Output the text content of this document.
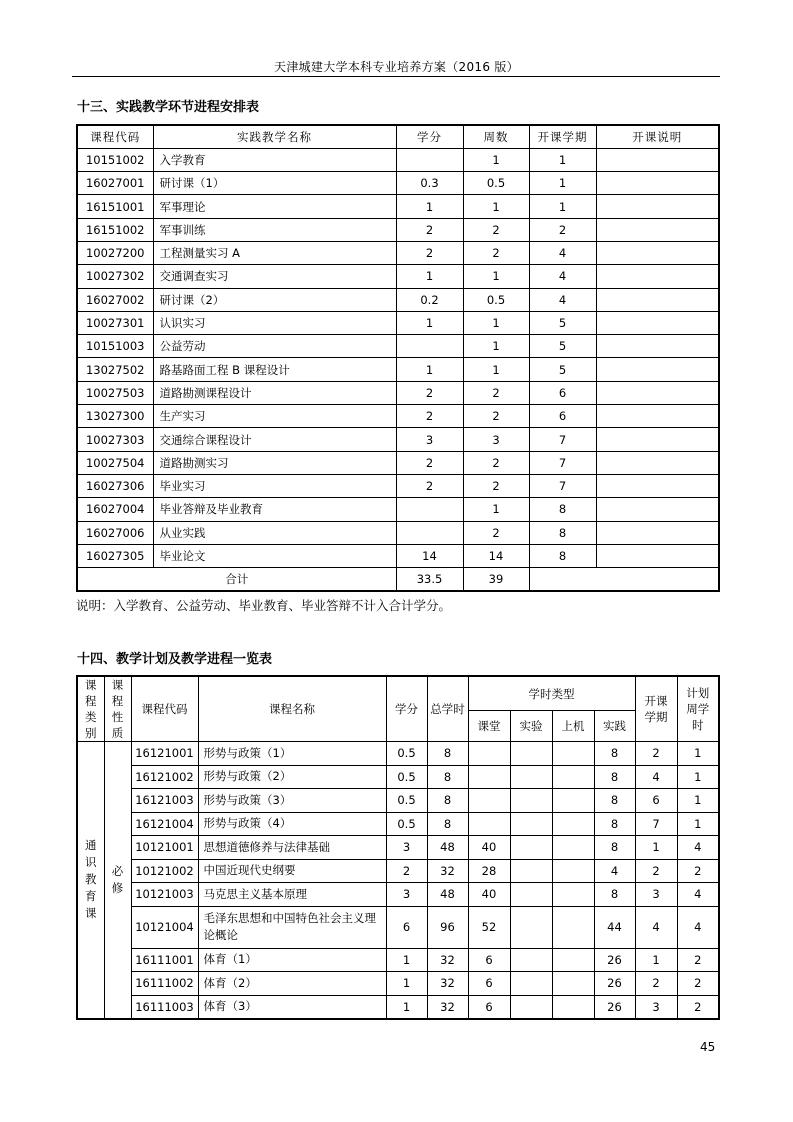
天津城建大学本科专业培养方案（2016 版）
十三、实践教学环节进程安排表
课程代码	实践教学名称	学分	周数	开课学期	开课说明
10151002	入学教育		1	1	
16027001	研讨课（1）	0.3	0.5	1	
16151001	军事理论	1	1	1	
16151002	军事训练	2	2	2	
10027200	工程测量实习 A	2	2	4	
10027302	交通调查实习	1	1	4	
16027002	研讨课（2）	0.2	0.5	4	
10027301	认识实习	1	1	5	
10151003	公益劳动		1	5	
13027502	路基路面工程 B 课程设计	1	1	5	
10027503	道路勘测课程设计	2	2	6	
13027300	生产实习	2	2	6	
10027303	交通综合课程设计	3	3	7	
10027504	道路勘测实习	2	2	7	
16027306	毕业实习	2	2	7	
16027004	毕业答辩及毕业教育		1	8	
16027006	从业实践		2	8	
16027305	毕业论文	14	14	8	
合计		33.5	39		
说明：入学教育、公益劳动、毕业教育、毕业答辩不计入合计学分。
十四、教学计划及教学进程一览表
课程类别	课程性质	课程代码	课程名称	学分	总学时	学时类型				开课学期	计划周学时
						课堂	实验	上机	实践		
通识教育课	必修	16121001	形势与政策（1）	0.5	8				8	2	1
		16121002	形势与政策（2）	0.5	8				8	4	1
		16121003	形势与政策（3）	0.5	8				8	6	1
		16121004	形势与政策（4）	0.5	8				8	7	1
		10121001	思想道德修养与法律基础	3	48	40			8	1	4
		10121002	中国近现代史纲要	2	32	28			4	2	2
		10121003	马克思主义基本原理	3	48	40			8	3	4
		10121004	毛泽东思想和中国特色社会主义理论概论	6	96	52			44	4	4
		16111001	体育（1）	1	32	6			26	1	2
		16111002	体育（2）	1	32	6			26	2	2
		16111003	体育（3）	1	32	6			26	3	2
45
